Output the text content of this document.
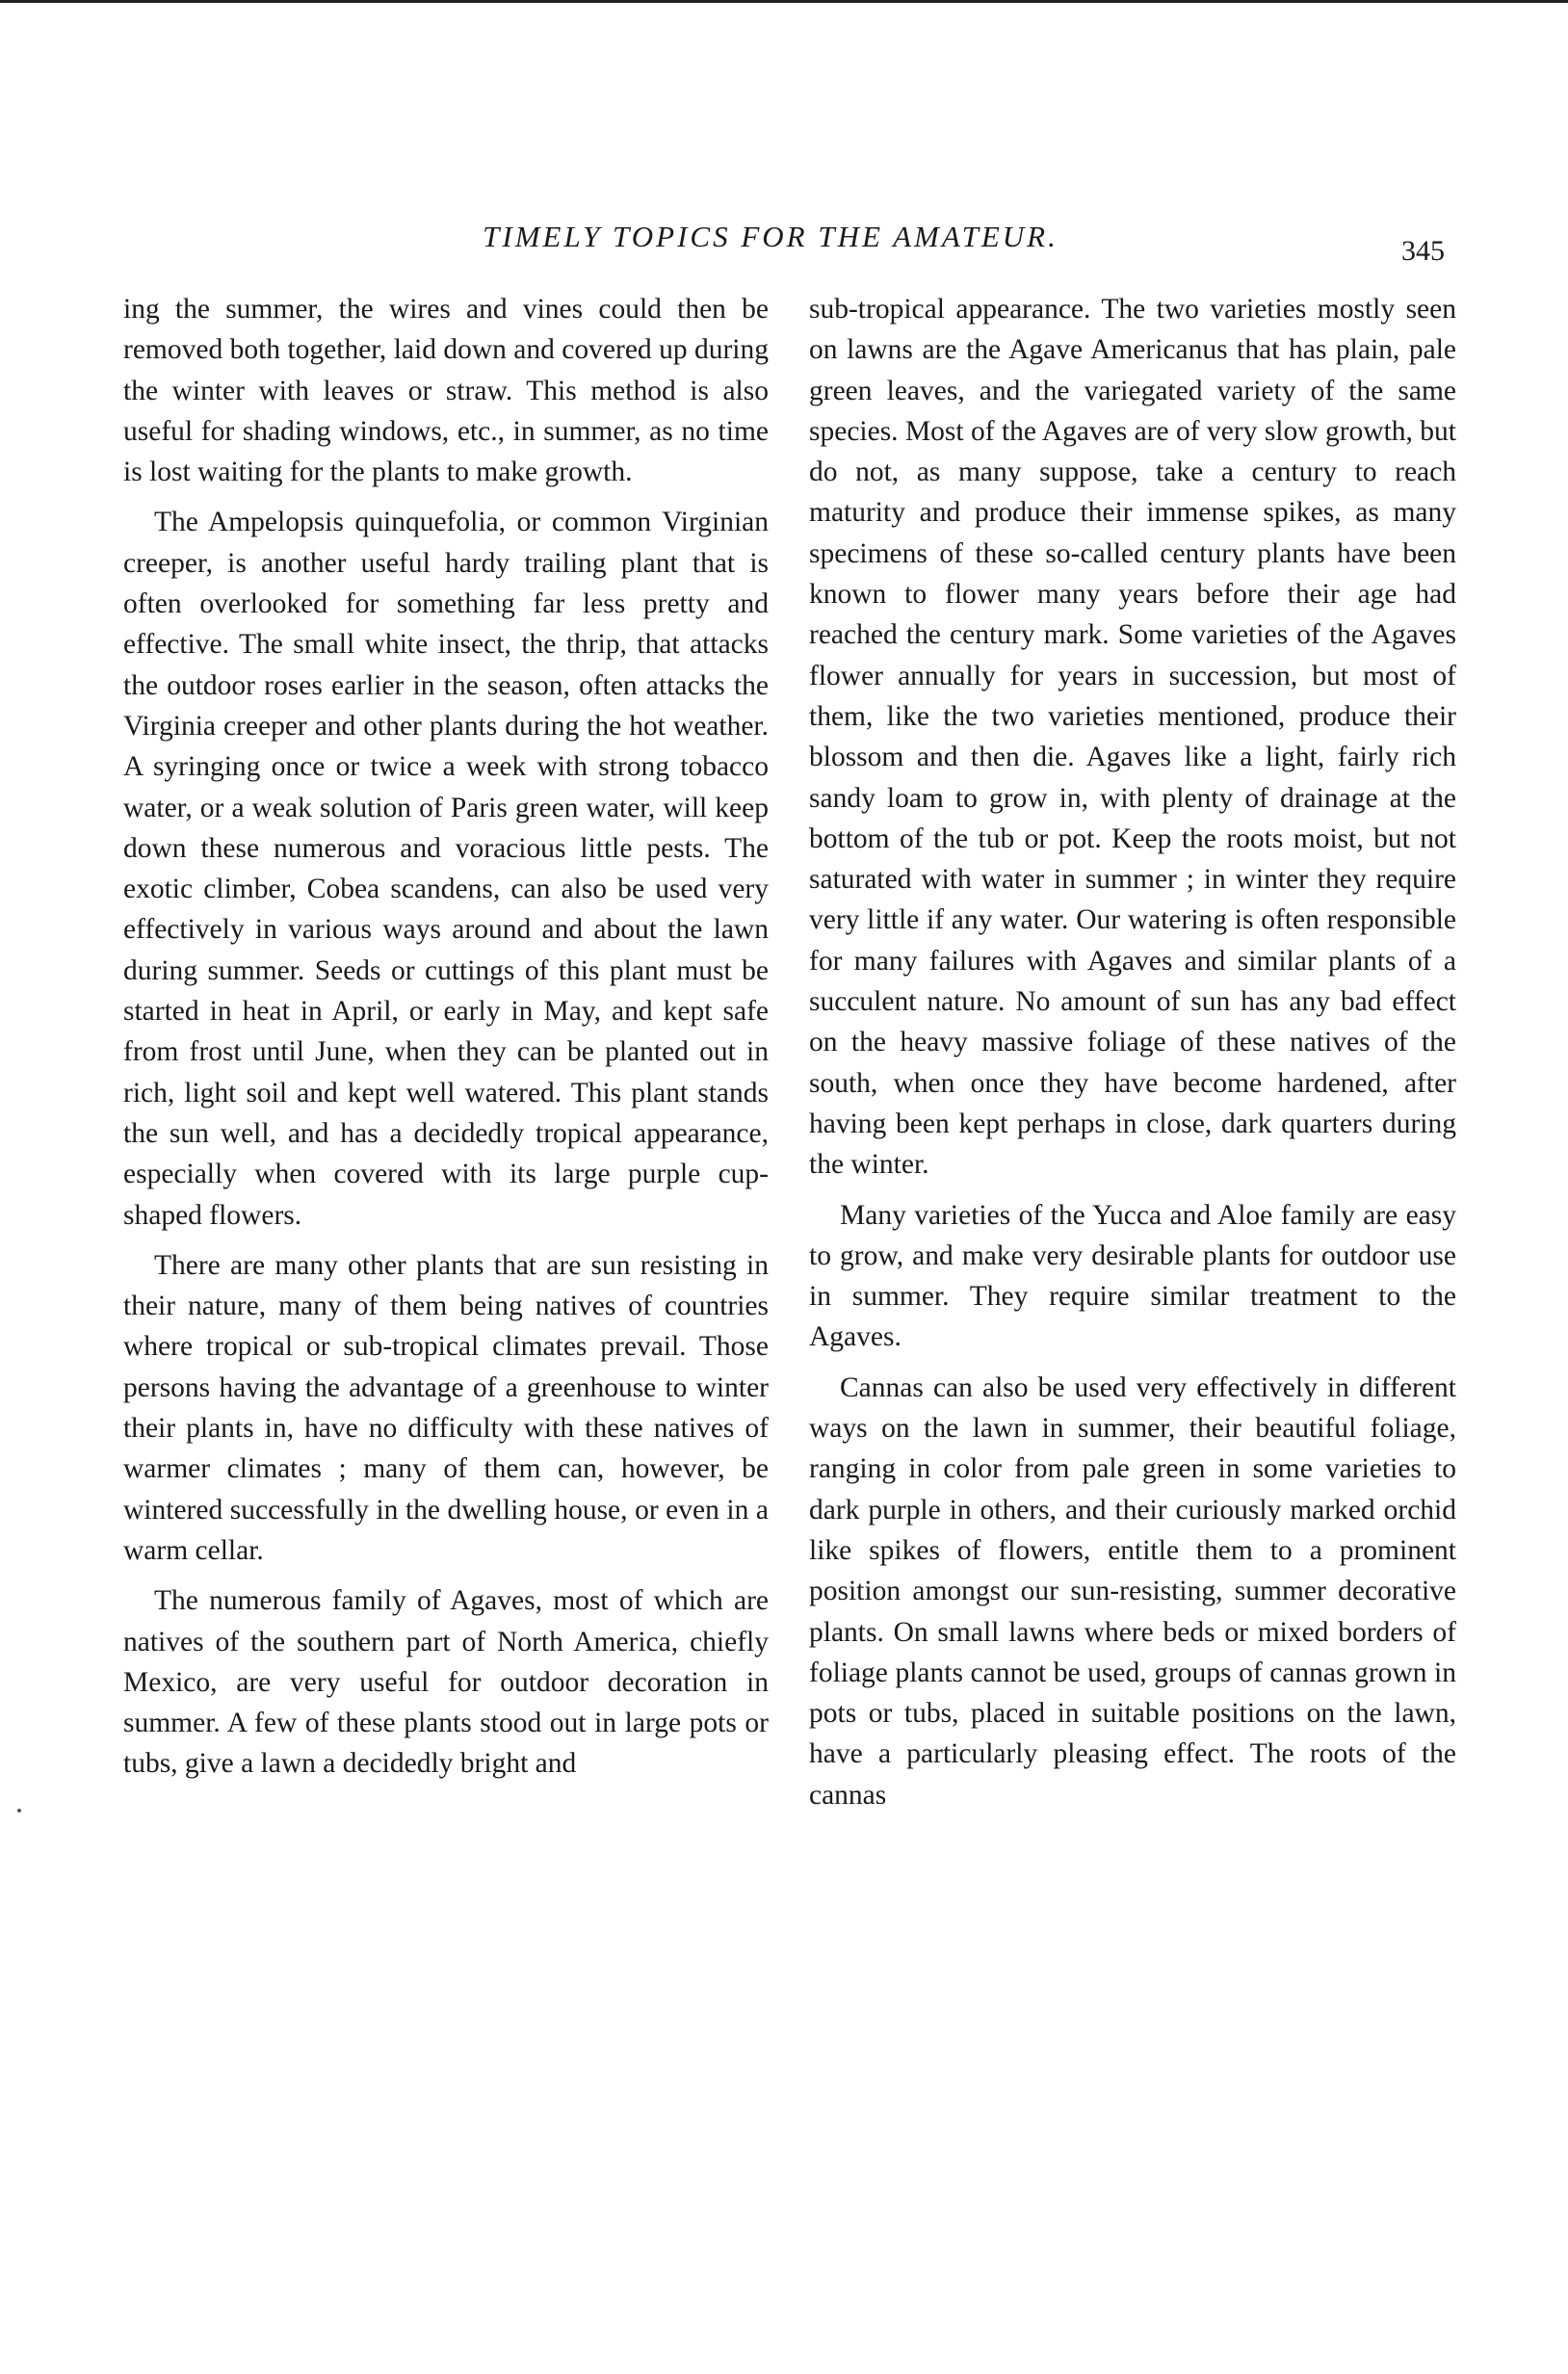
TIMELY TOPICS FOR THE AMATEUR.	345

ing the summer, the wires and vines could then be removed both together, laid down and covered up during the winter with leaves or straw. This method is also useful for shading windows, etc., in summer, as no time is lost waiting for the plants to make growth.

The Ampelopsis quinquefolia, or common Virginian creeper, is another useful hardy trailing plant that is often overlooked for something far less pretty and effective. The small white insect, the thrip, that attacks the outdoor roses earlier in the season, often attacks the Virginia creeper and other plants during the hot weather. A syringing once or twice a week with strong tobacco water, or a weak solution of Paris green water, will keep down these numerous and voracious little pests. The exotic climber, Cobea scandens, can also be used very effectively in various ways around and about the lawn during summer. Seeds or cuttings of this plant must be started in heat in April, or early in May, and kept safe from frost until June, when they can be planted out in rich, light soil and kept well watered. This plant stands the sun well, and has a decidedly tropical appearance, especially when covered with its large purple cup-shaped flowers.

There are many other plants that are sun resisting in their nature, many of them being natives of countries where tropical or sub-tropical climates prevail. Those persons having the advantage of a greenhouse to winter their plants in, have no difficulty with these natives of warmer climates ; many of them can, however, be wintered successfully in the dwelling house, or even in a warm cellar.

The numerous family of Agaves, most of which are natives of the southern part of North America, chiefly Mexico, are very useful for outdoor decoration in summer. A few of these plants stood out in large pots or tubs, give a lawn a decidedly bright and

sub-tropical appearance. The two varieties mostly seen on lawns are the Agave Americanus that has plain, pale green leaves, and the variegated variety of the same species. Most of the Agaves are of very slow growth, but do not, as many suppose, take a century to reach maturity and produce their immense spikes, as many specimens of these so-called century plants have been known to flower many years before their age had reached the century mark. Some varieties of the Agaves flower annually for years in succession, but most of them, like the two varieties mentioned, produce their blossom and then die. Agaves like a light, fairly rich sandy loam to grow in, with plenty of drainage at the bottom of the tub or pot. Keep the roots moist, but not saturated with water in summer ; in winter they require very little if any water. Our watering is often responsible for many failures with Agaves and similar plants of a succulent nature. No amount of sun has any bad effect on the heavy massive foliage of these natives of the south, when once they have become hardened, after having been kept perhaps in close, dark quarters during the winter.

Many varieties of the Yucca and Aloe family are easy to grow, and make very desirable plants for outdoor use in summer. They require similar treatment to the Agaves.

Cannas can also be used very effectively in different ways on the lawn in summer, their beautiful foliage, ranging in color from pale green in some varieties to dark purple in others, and their curiously marked orchid like spikes of flowers, entitle them to a prominent position amongst our sun-resisting, summer decorative plants. On small lawns where beds or mixed borders of foliage plants cannot be used, groups of cannas grown in pots or tubs, placed in suitable positions on the lawn, have a particularly pleasing effect. The roots of the cannas
